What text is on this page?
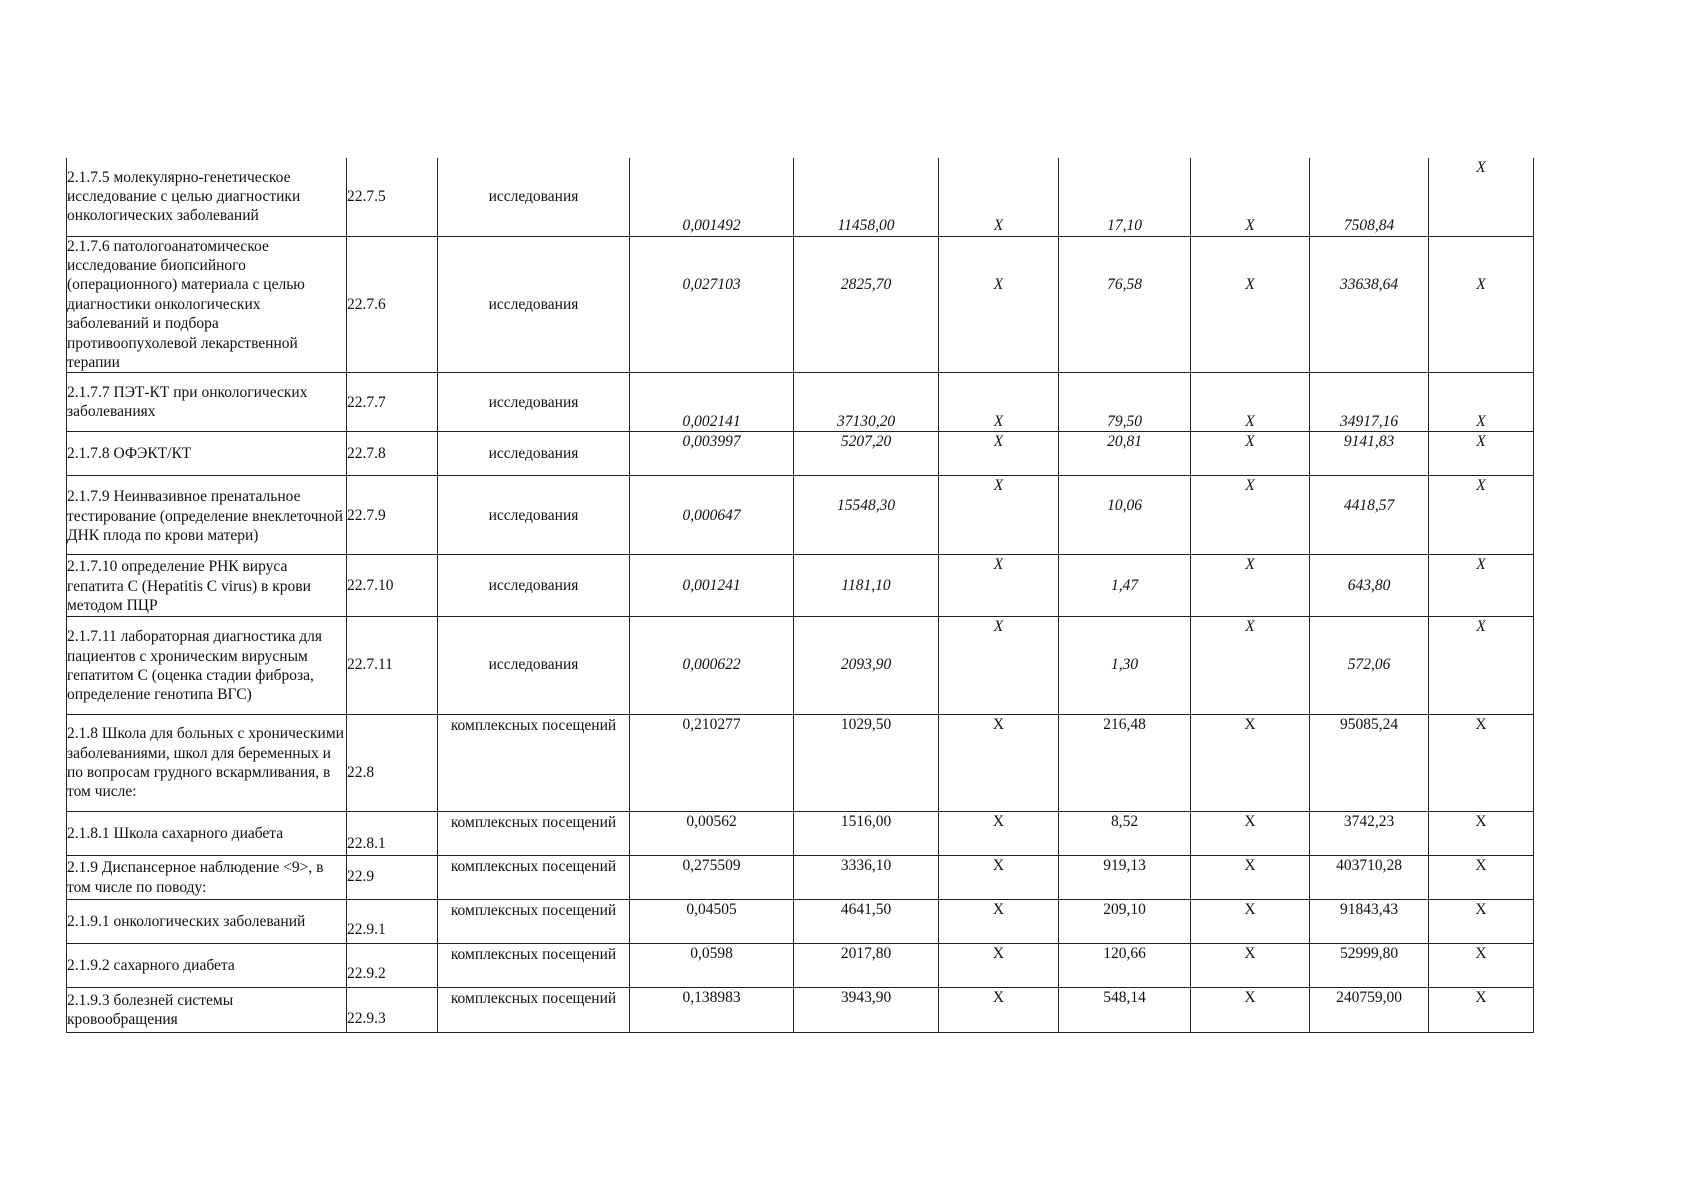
2.1.7.5 молекулярно-генетическое исследование с целью диагностики онкологических заболеваний	22.7.5	исследования	0,001492	11458,00	X	17,10	X	7508,84	X
2.1.7.6 патологоанатомическое исследование биопсийного (операционного) материала с целью диагностики онкологических заболеваний и подбора противоопухолевой лекарственной терапии	22.7.6	исследования	0,027103	2825,70	X	76,58	X	33638,64	X
2.1.7.7 ПЭТ-КТ при онкологических заболеваниях	22.7.7	исследования	0,002141	37130,20	X	79,50	X	34917,16	X
2.1.7.8 ОФЭКТ/КТ	22.7.8	исследования	0,003997	5207,20	X	20,81	X	9141,83	X
2.1.7.9 Неинвазивное пренатальное тестирование (определение внеклеточной ДНК плода по крови матери)	22.7.9	исследования	0,000647	15548,30	X	10,06	X	4418,57	X
2.1.7.10 определение РНК вируса гепатита С (Hepatitis C virus) в крови методом ПЦР	22.7.10	исследования	0,001241	1181,10	X	1,47	X	643,80	X
2.1.7.11 лабораторная диагностика для пациентов с хроническим вирусным гепатитом С (оценка стадии фиброза, определение генотипа ВГС)	22.7.11	исследования	0,000622	2093,90	X	1,30	X	572,06	X
2.1.8 Школа для больных с хроническими заболеваниями, школ для беременных и по вопросам грудного вскармливания, в том числе:	22.8	комплексных посещений	0,210277	1029,50	X	216,48	X	95085,24	X
2.1.8.1 Школа сахарного диабета	22.8.1	комплексных посещений	0,00562	1516,00	X	8,52	X	3742,23	X
2.1.9 Диспансерное наблюдение <9>, в том числе по поводу:	22.9	комплексных посещений	0,275509	3336,10	X	919,13	X	403710,28	X
2.1.9.1 онкологических заболеваний	22.9.1	комплексных посещений	0,04505	4641,50	X	209,10	X	91843,43	X
2.1.9.2 сахарного диабета	22.9.2	комплексных посещений	0,0598	2017,80	X	120,66	X	52999,80	X
2.1.9.3 болезней системы кровообращения	22.9.3	комплексных посещений	0,138983	3943,90	X	548,14	X	240759,00	X
